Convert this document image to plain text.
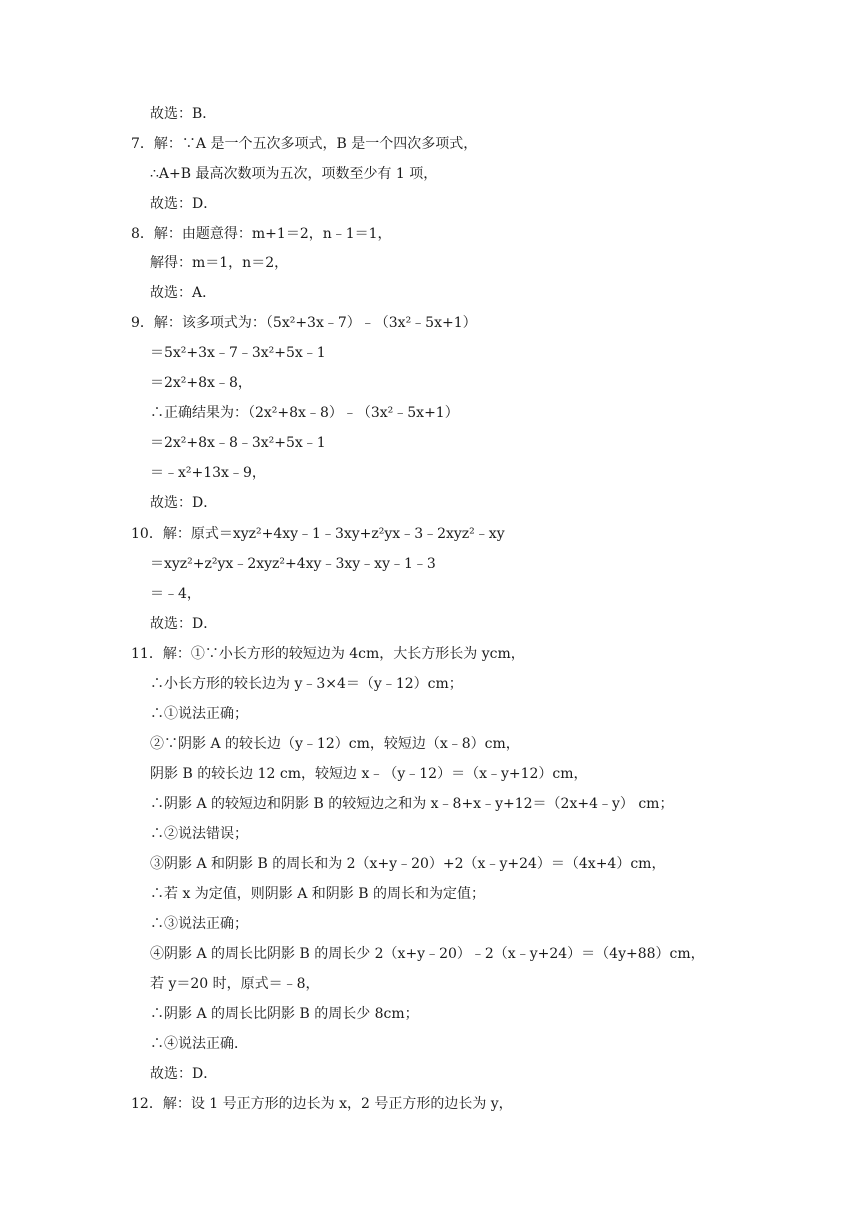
故选：B．
7．解：∵A 是一个五次多项式，B 是一个四次多项式，
∴A+B 最高次数项为五次，项数至少有 1 项，
故选：D．
8．解：由题意得：m+1＝2，n﹣1＝1，
解得：m＝1，n＝2，
故选：A．
9．解：该多项式为：（5x²+3x﹣7）﹣（3x²﹣5x+1）
＝5x²+3x﹣7﹣3x²+5x﹣1
＝2x²+8x﹣8，
∴正确结果为：（2x²+8x﹣8）﹣（3x²﹣5x+1）
＝2x²+8x﹣8﹣3x²+5x﹣1
＝﹣x²+13x﹣9，
故选：D．
10．解：原式＝xyz²+4xy﹣1﹣3xy+z²yx﹣3﹣2xyz²﹣xy
＝xyz²+z²yx﹣2xyz²+4xy﹣3xy﹣xy﹣1﹣3
＝﹣4，
故选：D．
11．解：①∵小长方形的较短边为 4cm，大长方形长为 ycm，
∴小长方形的较长边为 y﹣3×4＝（y﹣12）cm；
∴①说法正确；
②∵阴影 A 的较长边（y﹣12）cm，较短边（x﹣8）cm，
阴影 B 的较长边 12 cm，较短边 x﹣（y﹣12）＝（x﹣y+12）cm，
∴阴影 A 的较短边和阴影 B 的较短边之和为 x﹣8+x﹣y+12＝（2x+4﹣y） cm；
∴②说法错误；
③阴影 A 和阴影 B 的周长和为 2（x+y﹣20）+2（x﹣y+24）＝（4x+4）cm，
∴若 x 为定值，则阴影 A 和阴影 B 的周长和为定值；
∴③说法正确；
④阴影 A 的周长比阴影 B 的周长少 2（x+y﹣20）﹣2（x﹣y+24）＝（4y+88）cm，
若 y＝20 时，原式＝﹣8，
∴阴影 A 的周长比阴影 B 的周长少 8cm；
∴④说法正确．
故选：D．
12．解：设 1 号正方形的边长为 x，2 号正方形的边长为 y，
